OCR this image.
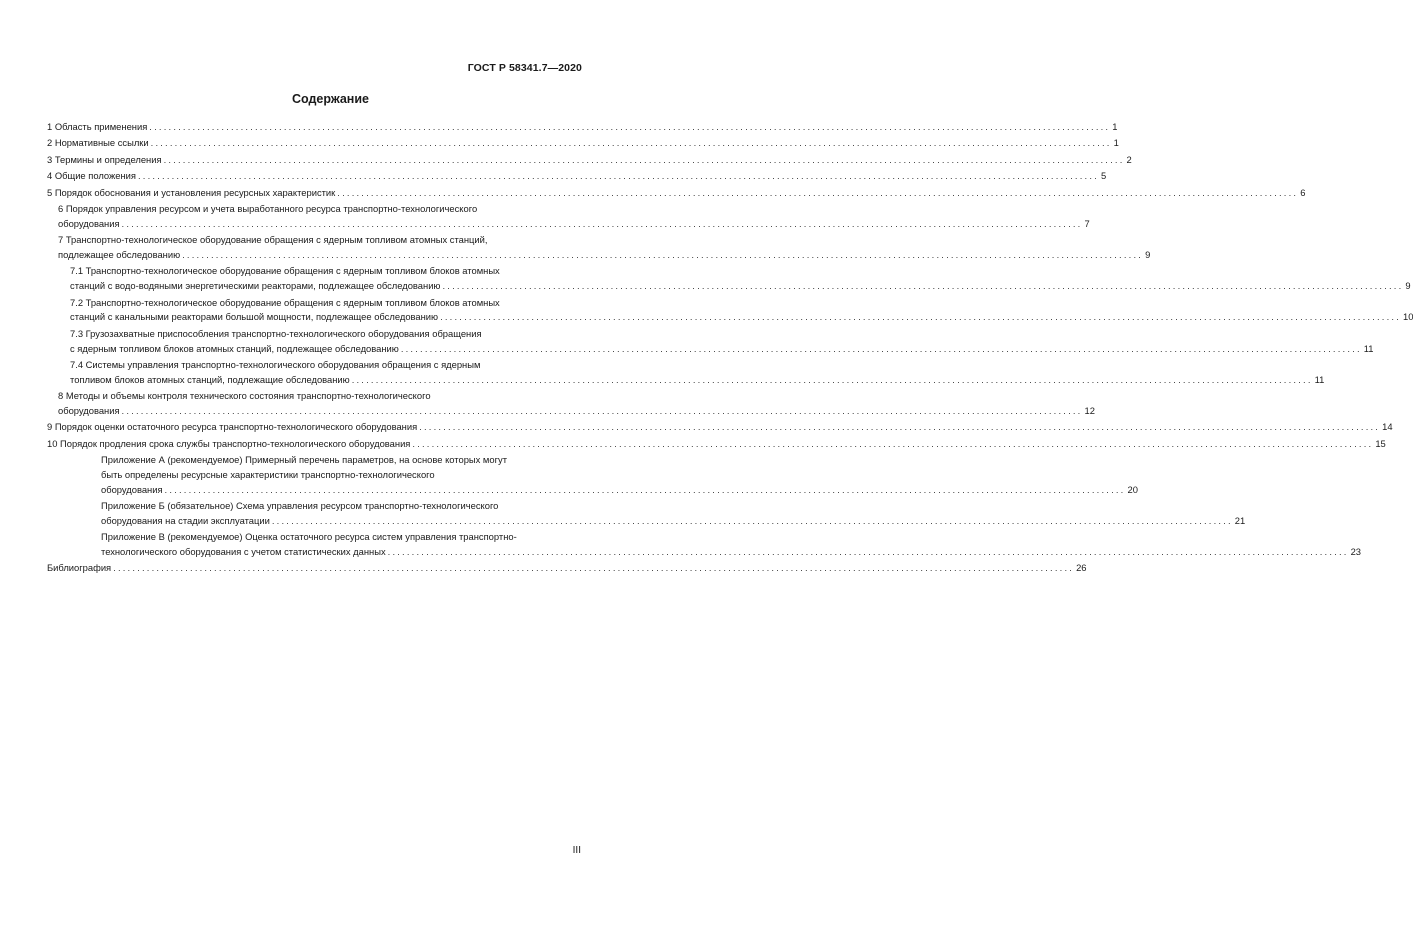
ГОСТ Р 58341.7—2020
Содержание
1 Область применения ........................................................................................................................................................................................................ 1
2 Нормативные ссылки ........................................................................................................................................................................................................ 1
3 Термины и определения ........................................................................................................................................................................................................ 2
4 Общие положения ........................................................................................................................................................................................................ 5
5 Порядок обоснования и установления ресурсных характеристик ........................................................................................................................................................................................................ 6
6 Порядок управления ресурсом и учета выработанного ресурса транспортно-технологического
оборудования ........................................................................................................................................................................................................ 7
7 Транспортно-технологическое оборудование обращения с ядерным топливом атомных станций,
подлежащее обследованию ........................................................................................................................................................................................................ 9
7.1 Транспортно-технологическое оборудование обращения с ядерным топливом блоков атомных
станций с водо-водяными энергетическими реакторами, подлежащее обследованию ........................................................................................................................................................................................................ 9
7.2 Транспортно-технологическое оборудование обращения с ядерным топливом блоков атомных
станций с канальными реакторами большой мощности, подлежащее обследованию ........................................................................................................................................................................................................ 10
7.3 Грузозахватные приспособления транспортно-технологического оборудования обращения
с ядерным топливом блоков атомных станций, подлежащее обследованию ........................................................................................................................................................................................................ 11
7.4 Системы управления транспортно-технологического оборудования обращения с ядерным
топливом блоков атомных станций, подлежащие обследованию ........................................................................................................................................................................................................ 11
8 Методы и объемы контроля технического состояния транспортно-технологического
оборудования ........................................................................................................................................................................................................ 12
9 Порядок оценки остаточного ресурса транспортно-технологического оборудования ........................................................................................................................................................................................................ 14
10 Порядок продления срока службы транспортно-технологического оборудования ........................................................................................................................................................................................................ 15
Приложение А (рекомендуемое) Примерный перечень параметров, на основе которых могут
быть определены ресурсные характеристики транспортно-технологического
оборудования ........................................................................................................................................................................................................ 20
Приложение Б (обязательное) Схема управления ресурсом транспортно-технологического
оборудования на стадии эксплуатации ........................................................................................................................................................................................................ 21
Приложение В (рекомендуемое) Оценка остаточного ресурса систем управления транспортно-
технологического оборудования с учетом статистических данных ........................................................................................................................................................................................................ 23
Библиография ........................................................................................................................................................................................................ 26
III
